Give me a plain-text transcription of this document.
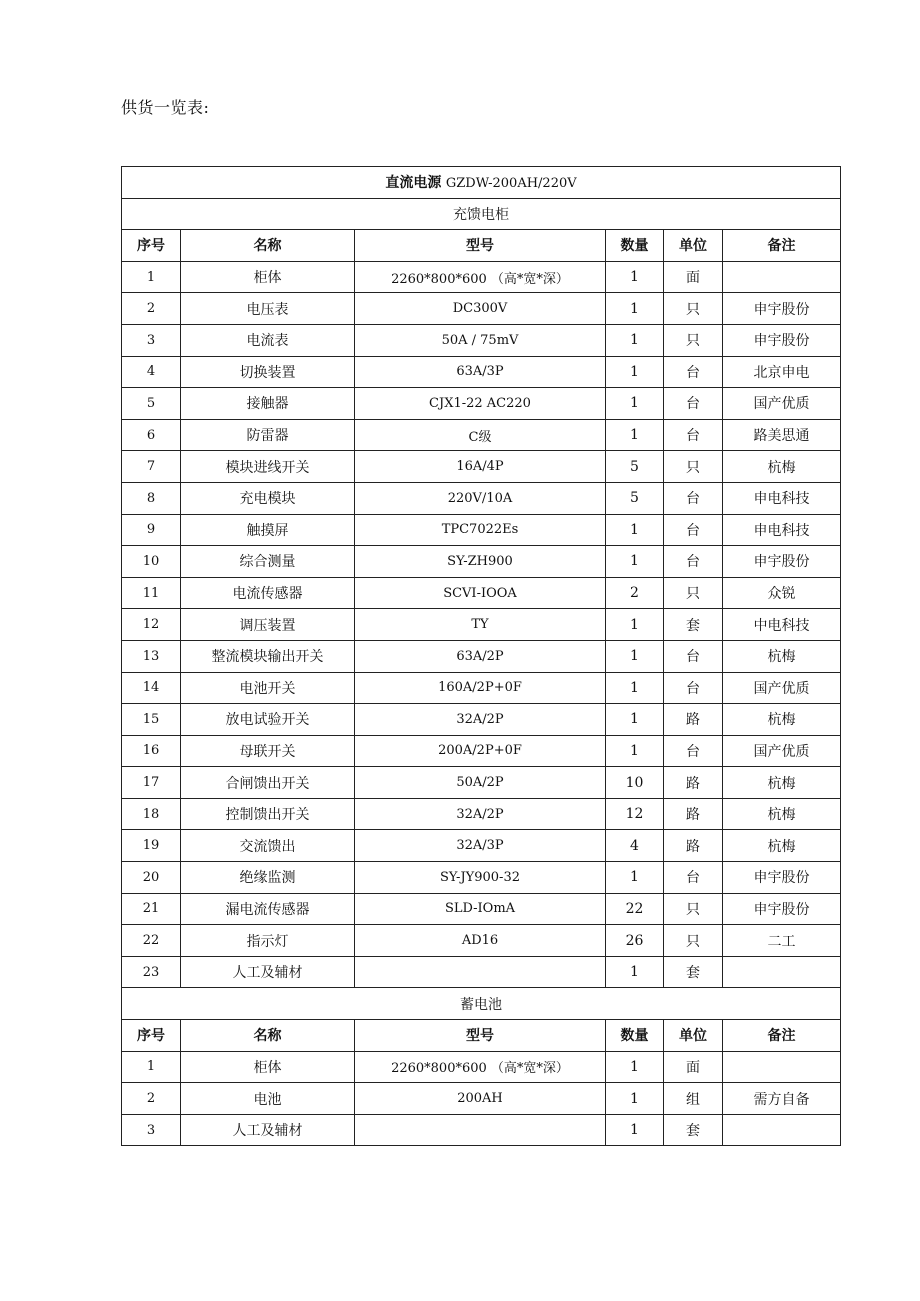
供货一览表:
直流电源 GZDW-200AH/220V					
充馈电柜					
序号	名称	型号	数量	单位	备注
1	柜体	2260*800*600 （高*宽*深）	1	面	
2	电压表	DC300V	1	只	申宇股份
3	电流表	50A / 75mV	1	只	申宇股份
4	切换装置	63A/3P	1	台	北京申电
5	接触器	CJX1-22 AC220	1	台	国产优质
6	防雷器	C级	1	台	路美思通
7	模块进线开关	16A/4P	5	只	杭梅
8	充电模块	220V/10A	5	台	申电科技
9	触摸屏	TPC7022Es	1	台	申电科技
10	综合测量	SY-ZH900	1	台	申宇股份
11	电流传感器	SCVI-IOOA	2	只	众锐
12	调压装置	TY	1	套	中电科技
13	整流模块输出开关	63A/2P	1	台	杭梅
14	电池开关	160A/2P+0F	1	台	国产优质
15	放电试验开关	32A/2P	1	路	杭梅
16	母联开关	200A/2P+0F	1	台	国产优质
17	合闸馈出开关	50A/2P	10	路	杭梅
18	控制馈出开关	32A/2P	12	路	杭梅
19	交流馈出	32A/3P	4	路	杭梅
20	绝缘监测	SY-JY900-32	1	台	申宇股份
21	漏电流传感器	SLD-IOmA	22	只	申宇股份
22	指示灯	AD16	26	只	二工
23	人工及辅材		1	套	
蓄电池					
序号	名称	型号	数量	单位	备注
1	柜体	2260*800*600 （高*宽*深）	1	面	
2	电池	200AH	1	组	需方自备
3	人工及辅材		1	套	
